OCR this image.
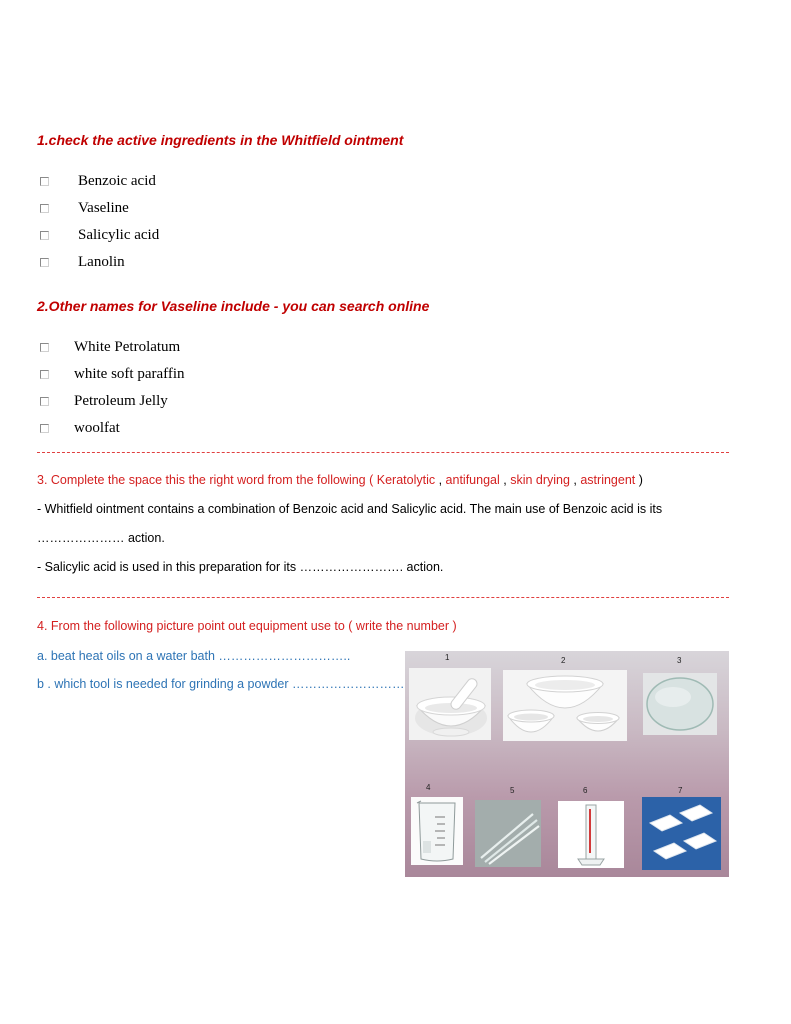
1.check the active ingredients in the Whitfield ointment
Benzoic acid
Vaseline
Salicylic acid
Lanolin
2.Other names for Vaseline include - you can search online
White Petrolatum
white soft paraffin
Petroleum Jelly
woolfat
3. Complete the space this the right word from the following ( Keratolytic , antifungal , skin drying , astringent )
- Whitfield ointment contains a combination of Benzoic acid and Salicylic acid. The main use of Benzoic acid is its
………………… action.
- Salicylic acid is used in this preparation for its ……………………. action.
4. From the following picture point out equipment use to ( write the number )
a. beat heat oils on a water bath …………………………..
b . which tool is needed for grinding a powder ………………………
1	2	3
4	5	6	7
